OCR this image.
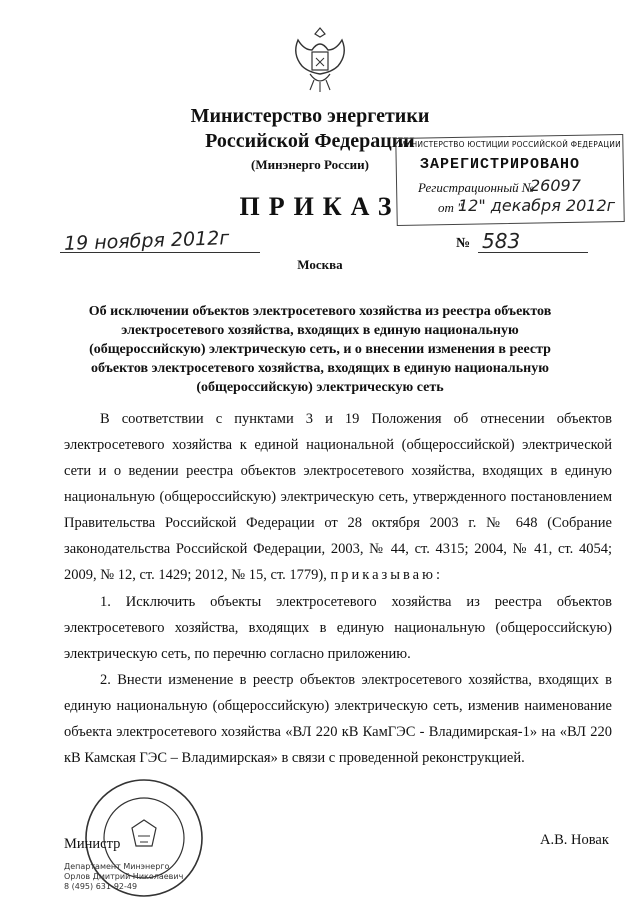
Министерство энергетики
Российской Федерации
(Минэнерго России)
ПРИКАЗ
19 ноября 2012г	№ 583
Москва
МИНИСТЕРСТВО ЮСТИЦИИ РОССИЙСКОЙ ФЕДЕРАЦИИ
ЗАРЕГИСТРИРОВАНО
Регистрационный №
26097
от "
12" декабря 2012г
Об исключении объектов электросетевого хозяйства из реестра объектов электросетевого хозяйства, входящих в единую национальную (общероссийскую) электрическую сеть, и о внесении изменения в реестр объектов электросетевого хозяйства, входящих в единую национальную (общероссийскую) электрическую сеть
В соответствии с пунктами 3 и 19 Положения об отнесении объектов электросетевого хозяйства к единой национальной (общероссийской) электрической сети и о ведении реестра объектов электросетевого хозяйства, входящих в единую национальную (общероссийскую) электрическую сеть, утвержденного постановлением Правительства Российской Федерации от 28 октября 2003 г. № 648 (Собрание законодательства Российской Федерации, 2003, № 44, ст. 4315; 2004, № 41, ст. 4054; 2009, № 12, ст. 1429; 2012, № 15, ст. 1779), приказываю:
1. Исключить объекты электросетевого хозяйства из реестра объектов электросетевого хозяйства, входящих в единую национальную (общероссийскую) электрическую сеть, по перечню согласно приложению.
2. Внести изменение в реестр объектов электросетевого хозяйства, входящих в единую национальную (общероссийскую) электрическую сеть, изменив наименование объекта электросетевого хозяйства «ВЛ 220 кВ КамГЭС - Владимирская-1» на «ВЛ 220 кВ Камская ГЭС – Владимирская» в связи с проведенной реконструкцией.
Министр	А.В. Новак
Департамент Минэнерго
Орлов Дмитрий Николаевич
8 (495) 631-92-49
